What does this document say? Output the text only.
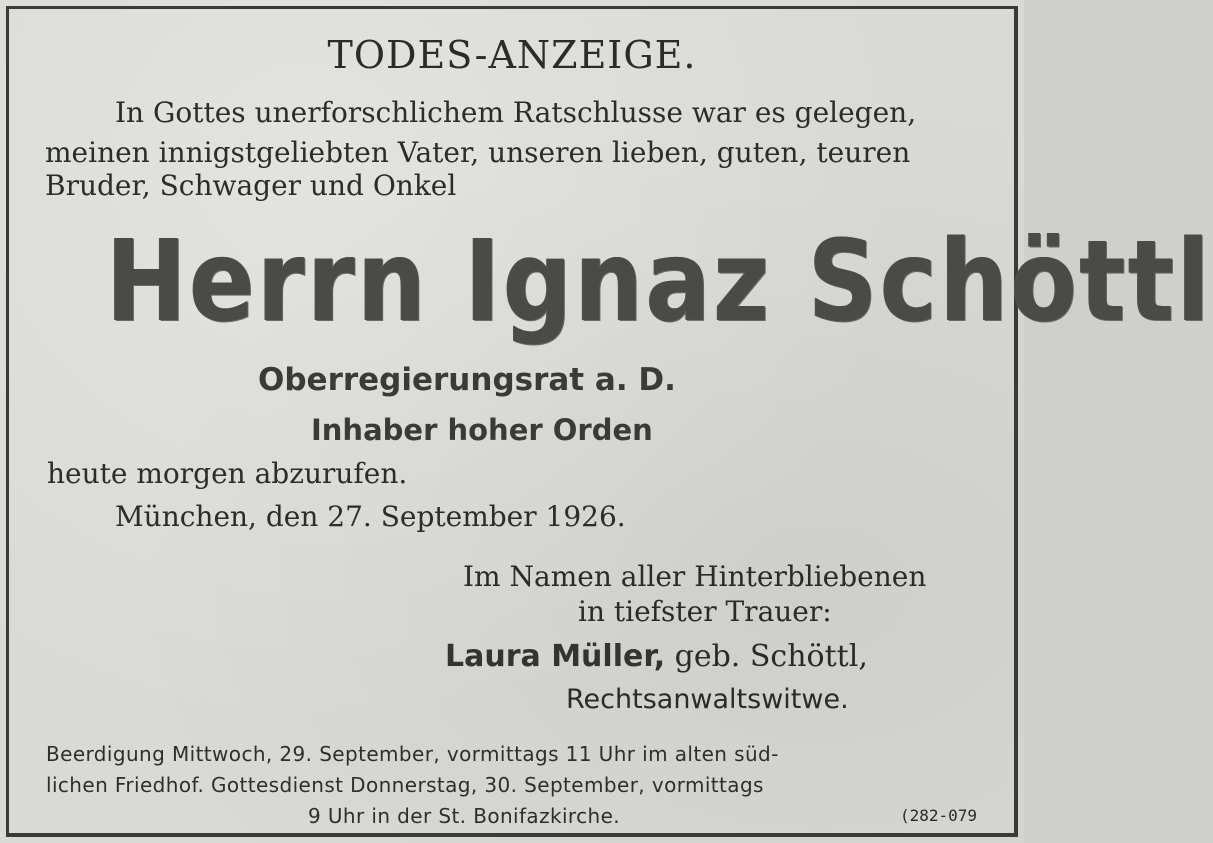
TODES-ANZEIGE.
In Gottes unerforschlichem Ratschlusse war es gelegen,
meinen innigstgeliebten Vater, unseren lieben, guten, teuren
Bruder, Schwager und Onkel
Herrn Ignaz Schöttl
Oberregierungsrat a. D.
Inhaber hoher Orden
heute morgen abzurufen.
München, den 27. September 1926.
Im Namen aller Hinterbliebenen
in tiefster Trauer:
Laura Müller, geb. Schöttl,
Rechtsanwaltswitwe.
Beerdigung Mittwoch, 29. September, vormittags 11 Uhr im alten süd-
lichen Friedhof. Gottesdienst Donnerstag, 30. September, vormittags
9 Uhr in der St. Bonifazkirche.	(282-079
